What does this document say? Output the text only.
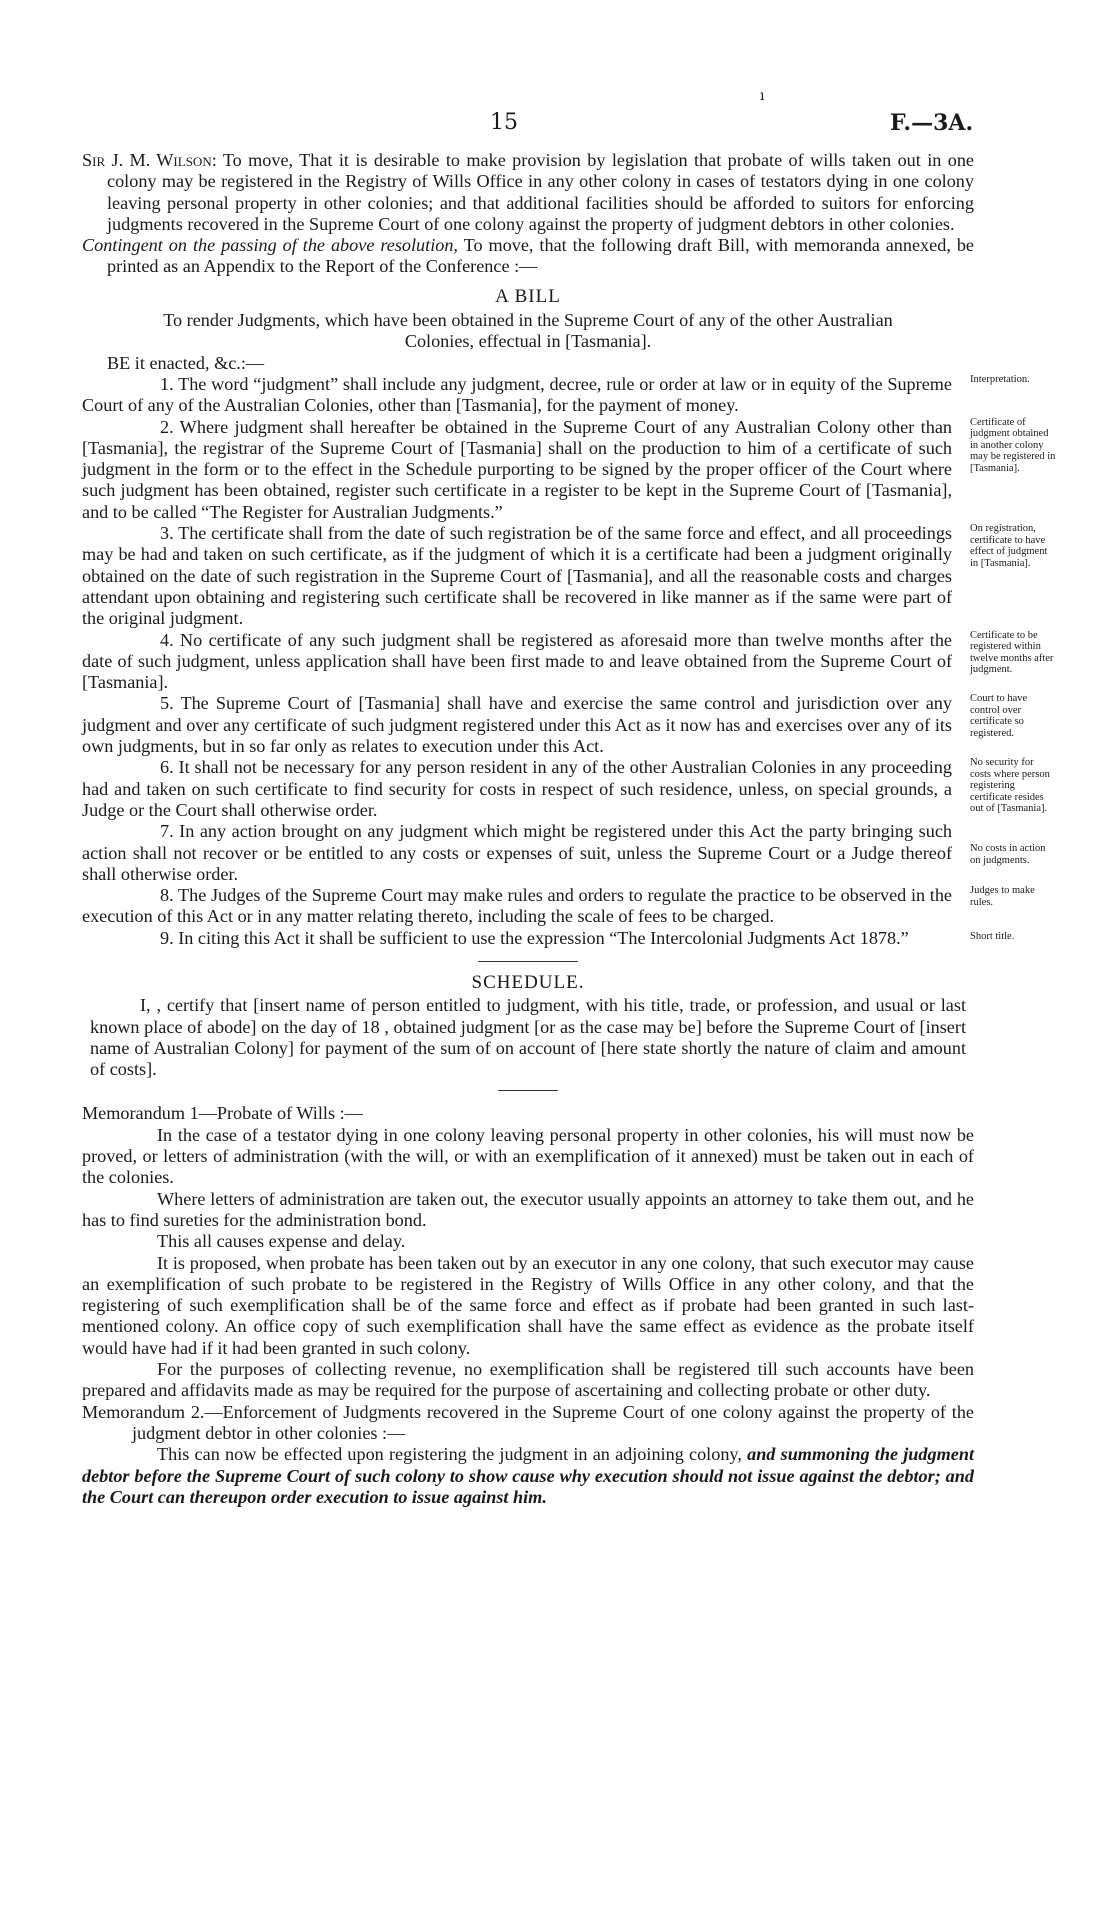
ı
15	F.—3A.

Sir J. M. Wilson: To move, That it is desirable to make provision by legislation that probate of wills taken out in one colony may be registered in the Registry of Wills Office in any other colony in cases of testators dying in one colony leaving personal property in other colonies; and that additional facilities should be afforded to suitors for enforcing judgments recovered in the Supreme Court of one colony against the property of judgment debtors in other colonies.

Contingent on the passing of the above resolution, To move, that the following draft Bill, with memoranda annexed, be printed as an Appendix to the Report of the Conference :—

A BILL

To render Judgments, which have been obtained in the Supreme Court of any of the other Australian Colonies, effectual in [Tasmania].

BE it enacted, &c.:—

1. The word “judgment” shall include any judgment, decree, rule or order at law or in equity of the Supreme Court of any of the Australian Colonies, other than [Tasmania], for the payment of money.
Interpretation.
2. Where judgment shall hereafter be obtained in the Supreme Court of any Australian Colony other than [Tasmania], the registrar of the Supreme Court of [Tasmania] shall on the production to him of a certificate of such judgment in the form or to the effect in the Schedule purporting to be signed by the proper officer of the Court where such judgment has been obtained, register such certificate in a register to be kept in the Supreme Court of [Tasmania], and to be called “The Register for Australian Judgments.”
Certificate of judgment obtained in another colony may be registered in [Tasmania].
3. The certificate shall from the date of such registration be of the same force and effect, and all proceedings may be had and taken on such certificate, as if the judgment of which it is a certificate had been a judgment originally obtained on the date of such registration in the Supreme Court of [Tasmania], and all the reasonable costs and charges attendant upon obtaining and registering such certificate shall be recovered in like manner as if the same were part of the original judgment.
On registration, certificate to have effect of judgment in [Tasmania].
4. No certificate of any such judgment shall be registered as aforesaid more than twelve months after the date of such judgment, unless application shall have been first made to and leave obtained from the Supreme Court of [Tasmania].
Certificate to be registered within twelve months after judgment.
5. The Supreme Court of [Tasmania] shall have and exercise the same control and jurisdiction over any judgment and over any certificate of such judgment registered under this Act as it now has and exercises over any of its own judgments, but in so far only as relates to execution under this Act.
Court to have control over certificate so registered.
6. It shall not be necessary for any person resident in any of the other Australian Colonies in any proceeding had and taken on such certificate to find security for costs in respect of such residence, unless, on special grounds, a Judge or the Court shall otherwise order.
No security for costs where person registering certificate resides out of [Tasmania].
7. In any action brought on any judgment which might be registered under this Act the party bringing such action shall not recover or be entitled to any costs or expenses of suit, unless the Supreme Court or a Judge thereof shall otherwise order.
No costs in action on judgments.
8. The Judges of the Supreme Court may make rules and orders to regulate the practice to be observed in the execution of this Act or in any matter relating thereto, including the scale of fees to be charged.
Judges to make rules.
9. In citing this Act it shall be sufficient to use the expression “The Intercolonial Judgments Act 1878.”	Short title.
SCHEDULE.

I, , certify that [insert name of person entitled to judgment, with his title, trade, or profession, and usual or last known place of abode] on the day of 18 , obtained judgment [or as the case may be] before the Supreme Court of [insert name of Australian Colony] for payment of the sum of on account of [here state shortly the nature of claim and amount of costs].

Memorandum 1—Probate of Wills :—

In the case of a testator dying in one colony leaving personal property in other colonies, his will must now be proved, or letters of administration (with the will, or with an exemplification of it annexed) must be taken out in each of the colonies.

Where letters of administration are taken out, the executor usually appoints an attorney to take them out, and he has to find sureties for the administration bond.

This all causes expense and delay.

It is proposed, when probate has been taken out by an executor in any one colony, that such executor may cause an exemplification of such probate to be registered in the Registry of Wills Office in any other colony, and that the registering of such exemplification shall be of the same force and effect as if probate had been granted in such last-mentioned colony. An office copy of such exemplification shall have the same effect as evidence as the probate itself would have had if it had been granted in such colony.

For the purposes of collecting revenue, no exemplification shall be registered till such accounts have been prepared and affidavits made as may be required for the purpose of ascertaining and collecting probate or other duty.

Memorandum 2.—Enforcement of Judgments recovered in the Supreme Court of one colony against the property of the judgment debtor in other colonies :—

This can now be effected upon registering the judgment in an adjoining colony, and summoning the judgment debtor before the Supreme Court of such colony to show cause why execution should not issue against the debtor; and the Court can thereupon order execution to issue against him.
